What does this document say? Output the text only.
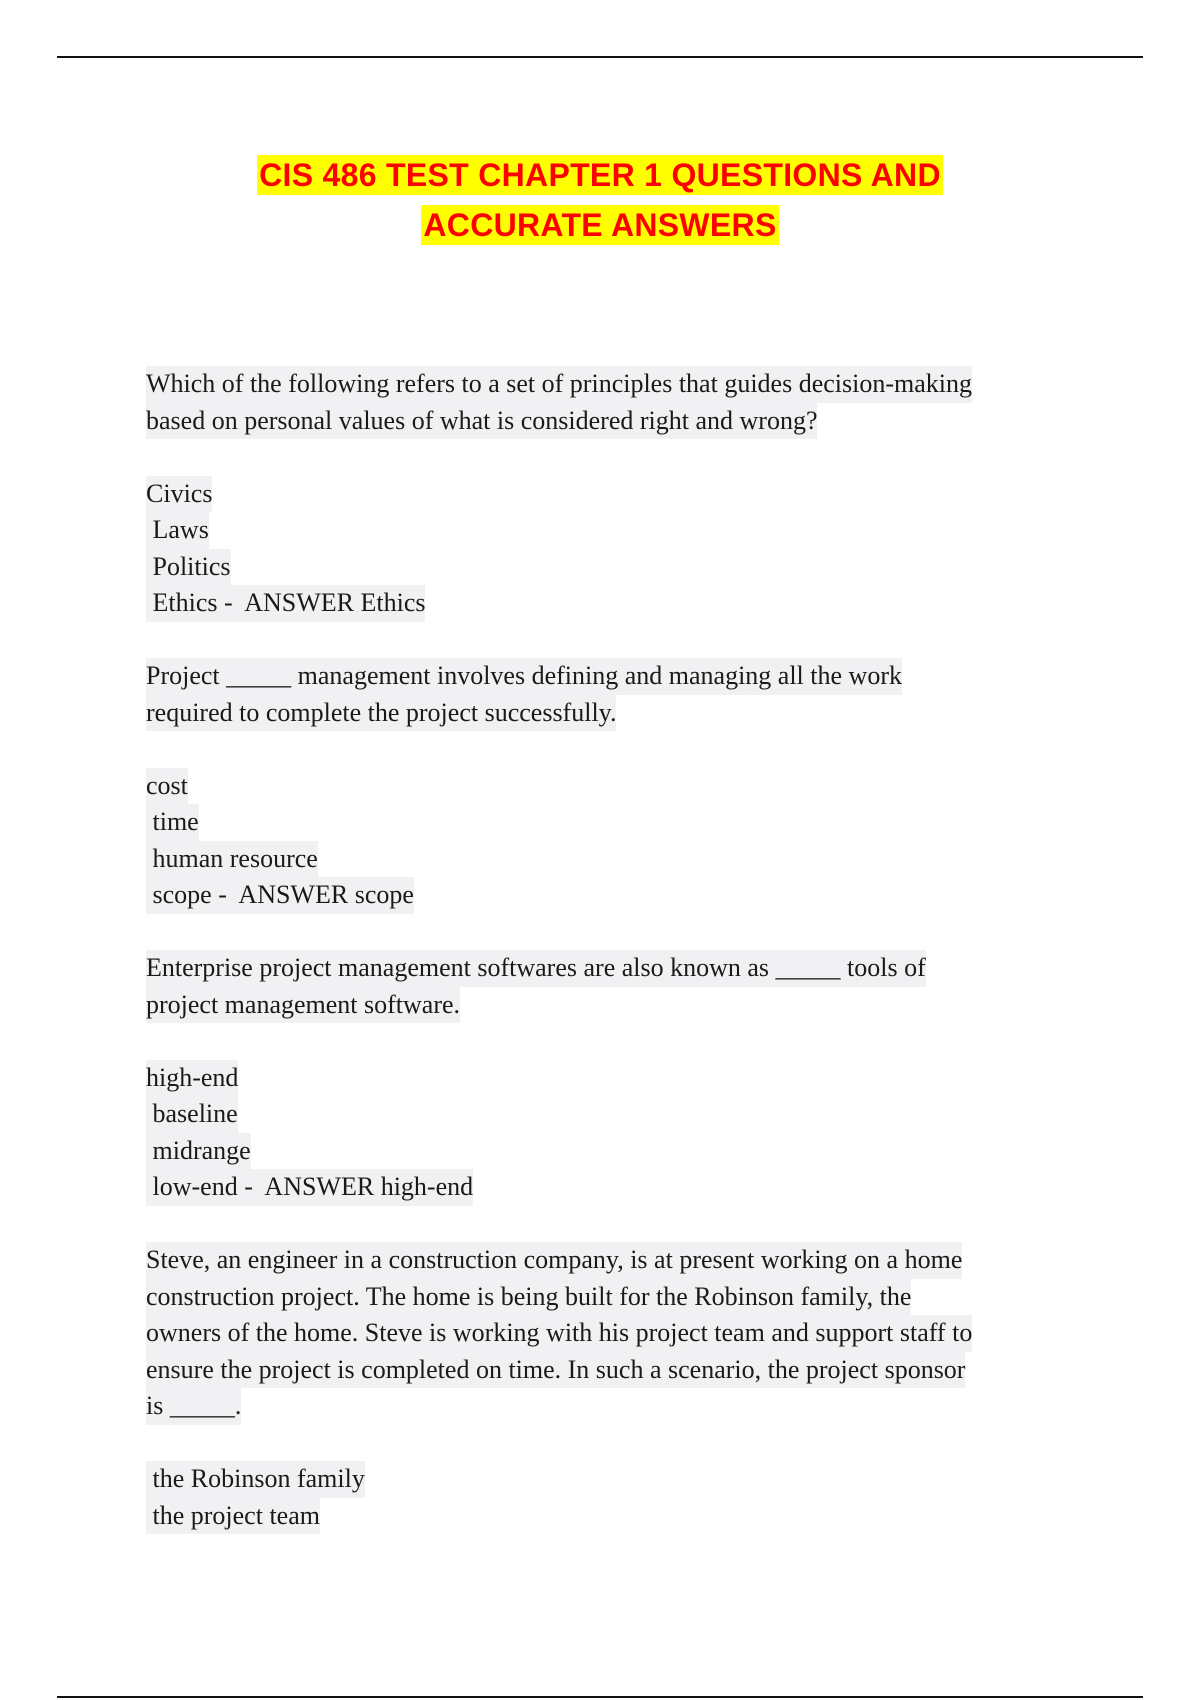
CIS 486 TEST CHAPTER 1 QUESTIONS AND
ACCURATE ANSWERS
Which of the following refers to a set of principles that guides decision-making
based on personal values of what is considered right and wrong?
Civics
Laws
Politics
Ethics -  ANSWER Ethics
Project _____ management involves defining and managing all the work
required to complete the project successfully.
cost
time
human resource
scope -  ANSWER scope
Enterprise project management softwares are also known as _____ tools of
project management software.
high-end
baseline
midrange
low-end -  ANSWER high-end
Steve, an engineer in a construction company, is at present working on a home
construction project. The home is being built for the Robinson family, the
owners of the home. Steve is working with his project team and support staff to
ensure the project is completed on time. In such a scenario, the project sponsor
is _____.
the Robinson family
the project team
